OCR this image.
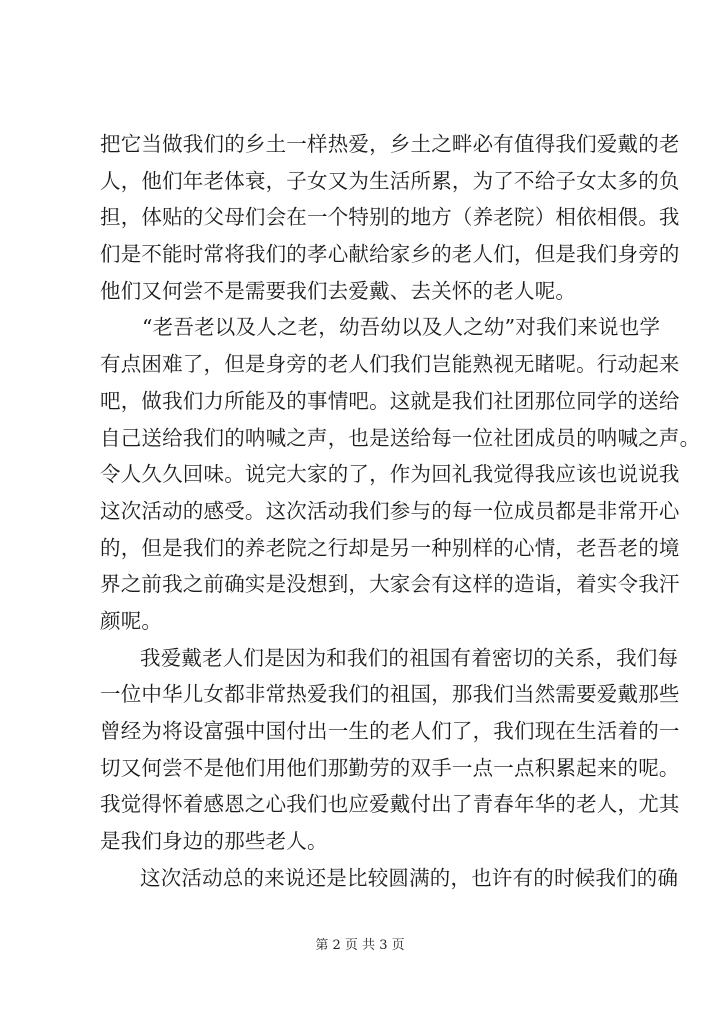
把它当做我们的乡土一样热爱，乡土之畔必有值得我们爱戴的老
人，他们年老体衰，子女又为生活所累，为了不给子女太多的负
担，体贴的父母们会在一个特别的地方（养老院）相依相偎。我
们是不能时常将我们的孝心献给家乡的老人们，但是我们身旁的
他们又何尝不是需要我们去爱戴、去关怀的老人呢。
“老吾老以及人之老，幼吾幼以及人之幼”对我们来说也学
有点困难了，但是身旁的老人们我们岂能熟视无睹呢。行动起来
吧，做我们力所能及的事情吧。这就是我们社团那位同学的送给
自己送给我们的呐喊之声，也是送给每一位社团成员的呐喊之声。
令人久久回味。说完大家的了，作为回礼我觉得我应该也说说我
这次活动的感受。这次活动我们参与的每一位成员都是非常开心
的，但是我们的养老院之行却是另一种别样的心情，老吾老的境
界之前我之前确实是没想到，大家会有这样的造诣，着实令我汗
颜呢。
我爱戴老人们是因为和我们的祖国有着密切的关系，我们每
一位中华儿女都非常热爱我们的祖国，那我们当然需要爱戴那些
曾经为将设富强中国付出一生的老人们了，我们现在生活着的一
切又何尝不是他们用他们那勤劳的双手一点一点积累起来的呢。
我觉得怀着感恩之心我们也应爱戴付出了青春年华的老人，尤其
是我们身边的那些老人。
这次活动总的来说还是比较圆满的，也许有的时候我们的确
第 2 页 共 3 页
